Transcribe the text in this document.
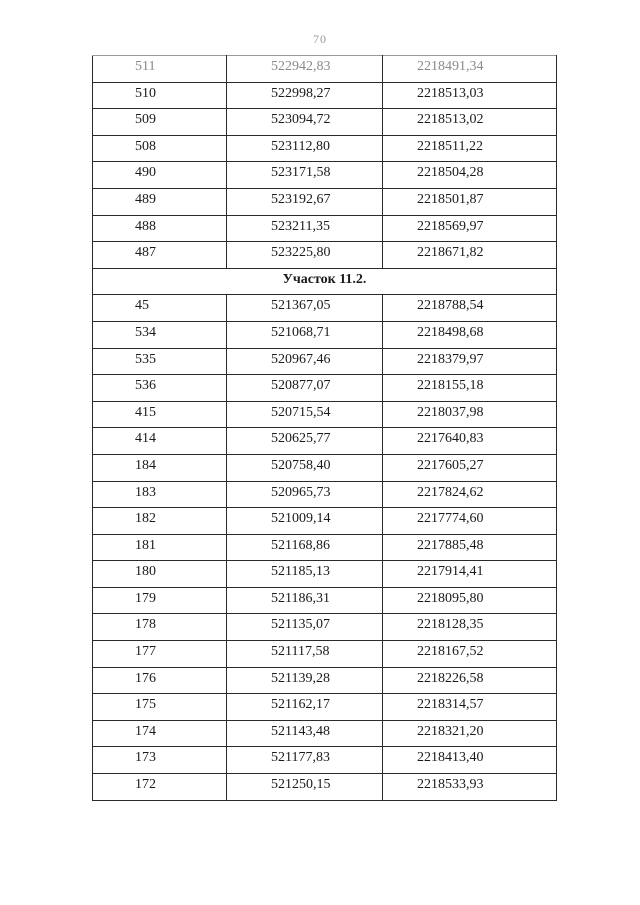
70
511	522942,83	2218491,34
510	522998,27	2218513,03
509	523094,72	2218513,02
508	523112,80	2218511,22
490	523171,58	2218504,28
489	523192,67	2218501,87
488	523211,35	2218569,97
487	523225,80	2218671,82
Участок 11.2.		
45	521367,05	2218788,54
534	521068,71	2218498,68
535	520967,46	2218379,97
536	520877,07	2218155,18
415	520715,54	2218037,98
414	520625,77	2217640,83
184	520758,40	2217605,27
183	520965,73	2217824,62
182	521009,14	2217774,60
181	521168,86	2217885,48
180	521185,13	2217914,41
179	521186,31	2218095,80
178	521135,07	2218128,35
177	521117,58	2218167,52
176	521139,28	2218226,58
175	521162,17	2218314,57
174	521143,48	2218321,20
173	521177,83	2218413,40
172	521250,15	2218533,93
